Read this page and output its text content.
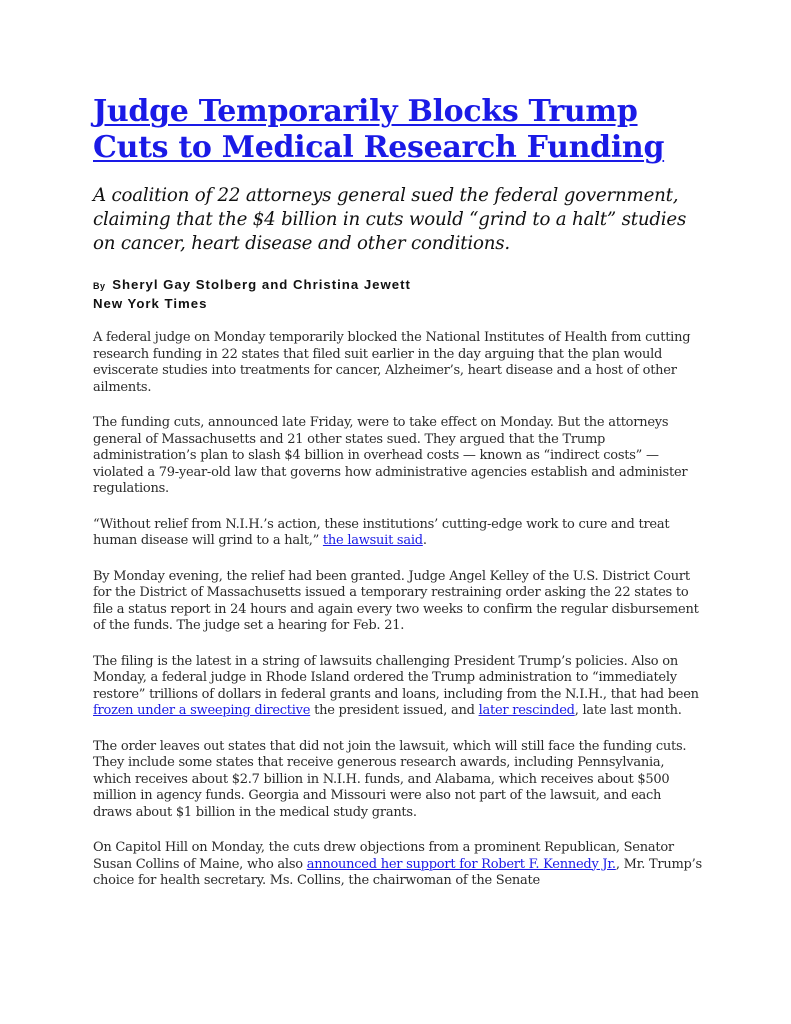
Judge Temporarily Blocks Trump Cuts to Medical Research Funding

A coalition of 22 attorneys general sued the federal government, claiming that the $4 billion in cuts would “grind to a halt” studies on cancer, heart disease and other conditions.

By Sheryl Gay Stolberg and Christina Jewett
New York Times

A federal judge on Monday temporarily blocked the National Institutes of Health from cutting research funding in 22 states that filed suit earlier in the day arguing that the plan would eviscerate studies into treatments for cancer, Alzheimer’s, heart disease and a host of other ailments.

The funding cuts, announced late Friday, were to take effect on Monday. But the attorneys general of Massachusetts and 21 other states sued. They argued that the Trump administration’s plan to slash $4 billion in overhead costs — known as “indirect costs” — violated a 79-year-old law that governs how administrative agencies establish and administer regulations.

“Without relief from N.I.H.’s action, these institutions’ cutting-edge work to cure and treat human disease will grind to a halt,” the lawsuit said.

By Monday evening, the relief had been granted. Judge Angel Kelley of the U.S. District Court for the District of Massachusetts issued a temporary restraining order asking the 22 states to file a status report in 24 hours and again every two weeks to confirm the regular disbursement of the funds. The judge set a hearing for Feb. 21.

The filing is the latest in a string of lawsuits challenging President Trump’s policies. Also on Monday, a federal judge in Rhode Island ordered the Trump administration to “immediately restore” trillions of dollars in federal grants and loans, including from the N.I.H., that had been frozen under a sweeping directive the president issued, and later rescinded, late last month.

The order leaves out states that did not join the lawsuit, which will still face the funding cuts. They include some states that receive generous research awards, including Pennsylvania, which receives about $2.7 billion in N.I.H. funds, and Alabama, which receives about $500 million in agency funds. Georgia and Missouri were also not part of the lawsuit, and each draws about $1 billion in the medical study grants.

On Capitol Hill on Monday, the cuts drew objections from a prominent Republican, Senator Susan Collins of Maine, who also announced her support for Robert F. Kennedy Jr., Mr. Trump’s choice for health secretary. Ms. Collins, the chairwoman of the Senate
